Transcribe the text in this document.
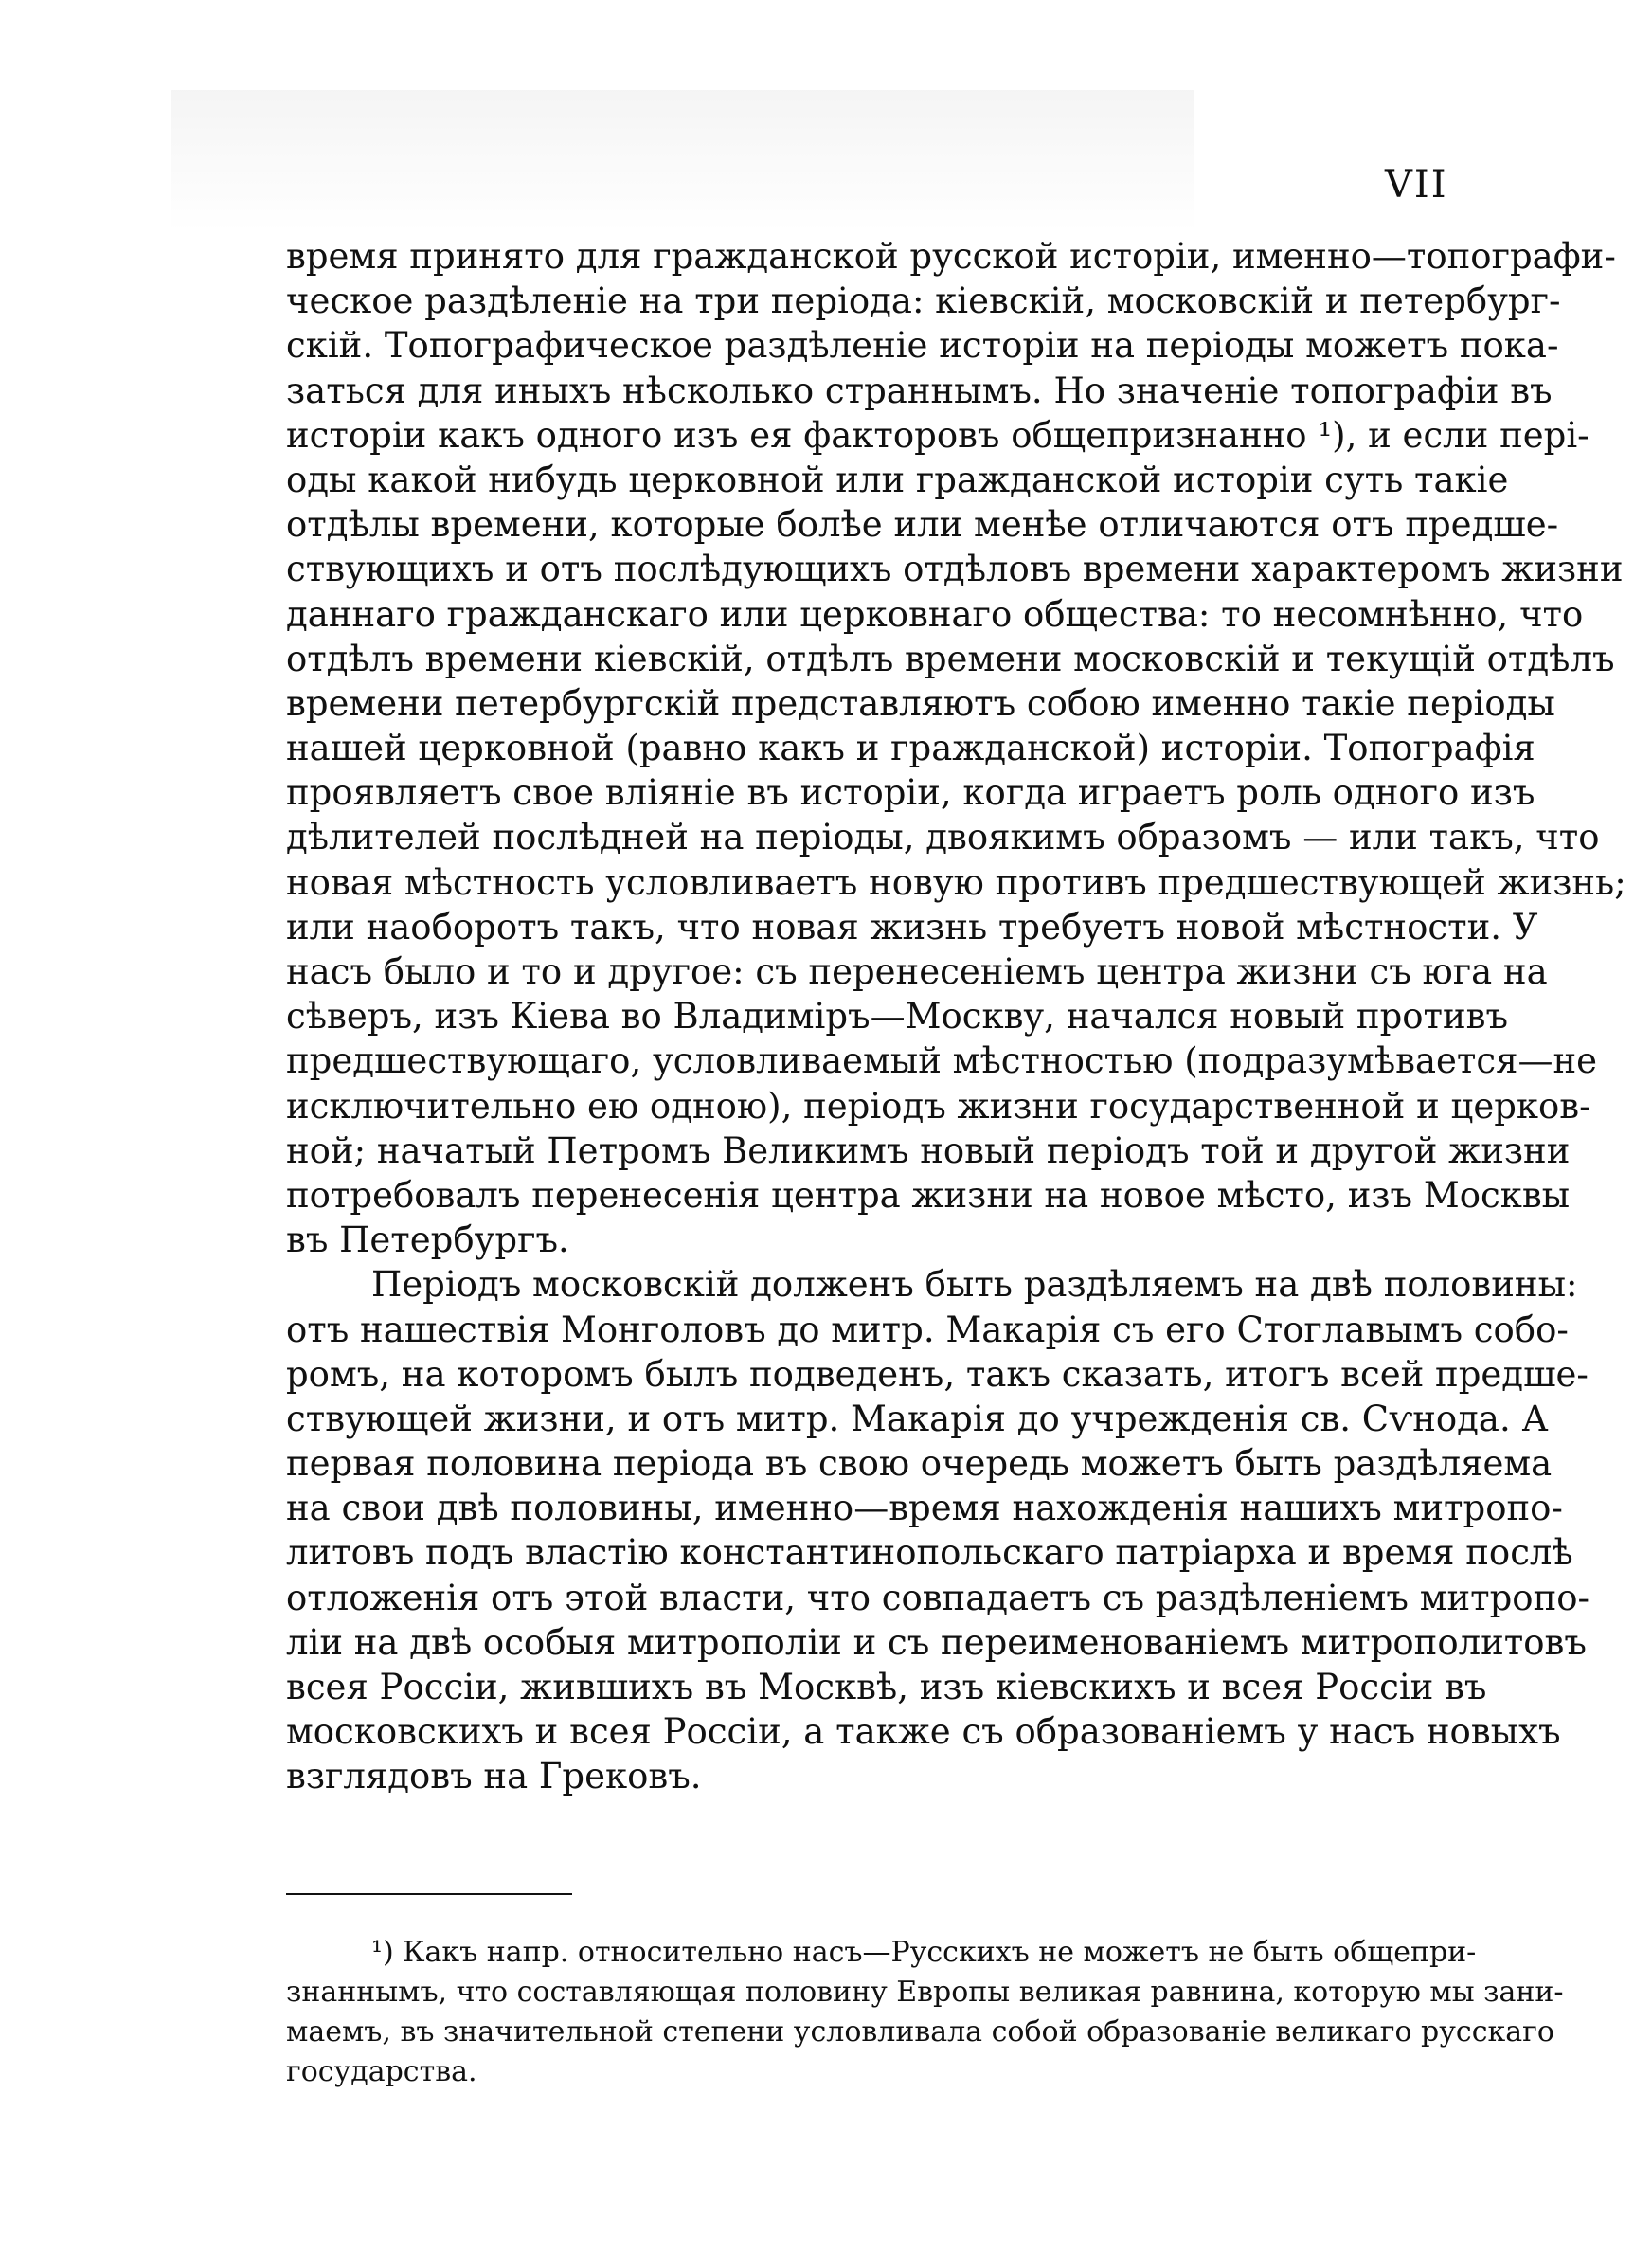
VII
время принято для гражданской русской исторіи, именно—топографи-
ческое раздѣленіе на три періода: кіевскій, московскій и петербург-
скій. Топографическое раздѣленіе исторіи на періоды можетъ пока-
заться для иныхъ нѣсколько страннымъ. Но значеніе топографіи въ
исторіи какъ одного изъ ея факторовъ общепризнанно ¹), и если пері-
оды какой нибудь церковной или гражданской исторіи суть такіе
отдѣлы времени, которые болѣе или менѣе отличаются отъ предше-
ствующихъ и отъ послѣдующихъ отдѣловъ времени характеромъ жизни
даннаго гражданскаго или церковнаго общества: то несомнѣнно, что
отдѣлъ времени кіевскій, отдѣлъ времени московскій и текущій отдѣлъ
времени петербургскій представляютъ собою именно такіе періоды
нашей церковной (равно какъ и гражданской) исторіи. Топографія
проявляетъ свое вліяніе въ исторіи, когда играетъ роль одного изъ
дѣлителей послѣдней на періоды, двоякимъ образомъ — или такъ, что
новая мѣстность условливаетъ новую противъ предшествующей жизнь;
или наоборотъ такъ, что новая жизнь требуетъ новой мѣстности. У
насъ было и то и другое: съ перенесеніемъ центра жизни съ юга на
сѣверъ, изъ Кіева во Владиміръ—Москву, начался новый противъ
предшествующаго, условливаемый мѣстностью (подразумѣвается—не
исключительно ею одною), періодъ жизни государственной и церков-
ной; начатый Петромъ Великимъ новый періодъ той и другой жизни
потребовалъ перенесенія центра жизни на новое мѣсто, изъ Москвы
въ Петербургъ.
Періодъ московскій долженъ быть раздѣляемъ на двѣ половины:
отъ нашествія Монголовъ до митр. Макарія съ его Стоглавымъ собо-
ромъ, на которомъ былъ подведенъ, такъ сказать, итогъ всей предше-
ствующей жизни, и отъ митр. Макарія до учрежденія св. Сѵнода. А
первая половина періода въ свою очередь можетъ быть раздѣляема
на свои двѣ половины, именно—время нахожденія нашихъ митропо-
литовъ подъ властію константинопольскаго патріарха и время послѣ
отложенія отъ этой власти, что совпадаетъ съ раздѣленіемъ митропо-
ліи на двѣ особыя митрополіи и съ переименованіемъ митрополитовъ
всея Россіи, жившихъ въ Москвѣ, изъ кіевскихъ и всея Россіи въ
московскихъ и всея Россіи, а также съ образованіемъ у насъ новыхъ
взглядовъ на Грековъ.
¹) Какъ напр. относительно насъ—Русскихъ не можетъ не быть общепри-
знаннымъ, что составляющая половину Европы великая равнина, которую мы зани-
маемъ, въ значительной степени условливала собой образованіе великаго русскаго
государства.
